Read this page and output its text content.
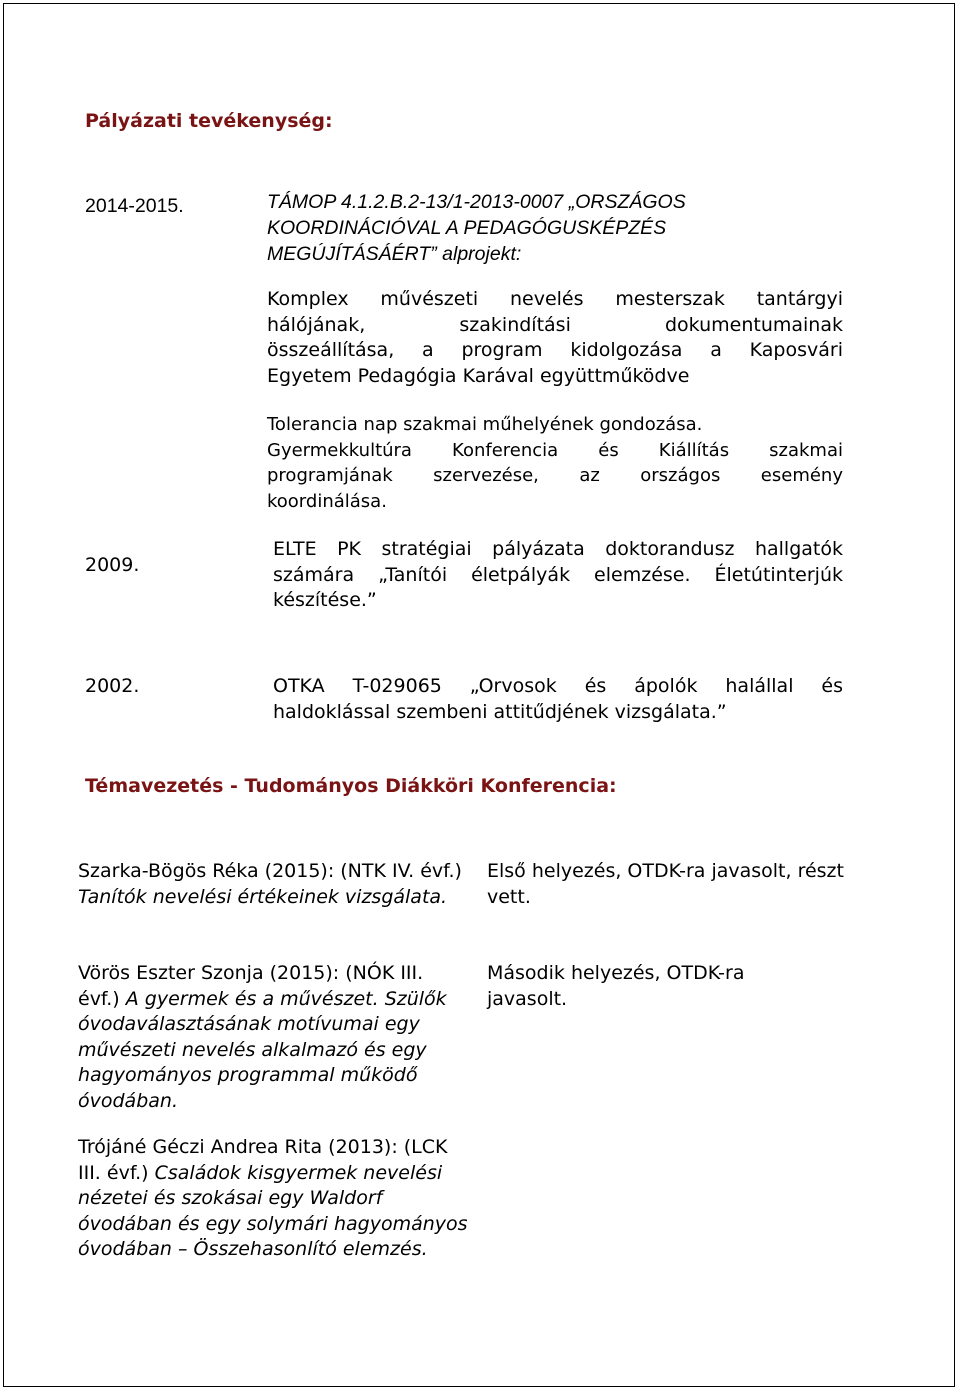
Pályázati tevékenység:
2014-2015.	TÁMOP 4.1.2.B.2-13/1-2013-0007 „ORSZÁGOS KOORDINÁCIÓVAL A PEDAGÓGUSKÉPZÉS MEGÚJÍTÁSÁÉRT” alprojekt:
Komplex művészeti nevelés mesterszak tantárgyi
hálójának, szakindítási dokumentumainak
összeállítása, a program kidolgozása a Kaposvári
Egyetem Pedagógia Karával együttműködve
Tolerancia nap szakmai műhelyének gondozása.
Gyermekkultúra Konferencia és Kiállítás szakmai
programjának szervezése, az országos esemény
koordinálása.
2009.
ELTE PK stratégiai pályázata doktorandusz hallgatók
számára „Tanítói életpályák elemzése. Életútinterjúk
készítése.”
2002.	OTKA T-029065 „Orvosok és ápolók halállal és
haldoklással szembeni attitűdjének vizsgálata.”
Témavezetés - Tudományos Diákköri Konferencia:
Szarka-Bögös Réka (2015): (NTK IV. évf.) Tanítók nevelési értékeinek vizsgálata.
Első helyezés, OTDK-ra javasolt, részt vett.
Vörös Eszter Szonja (2015): (NÓK III. évf.) A gyermek és a művészet. Szülők óvodaválasztásának motívumai egy művészeti nevelés alkalmazó és egy hagyományos programmal működő óvodában.
Második helyezés, OTDK-ra javasolt.
Trójáné Géczi Andrea Rita (2013): (LCK III. évf.) Családok kisgyermek nevelési nézetei és szokásai egy Waldorf óvodában és egy solymári hagyományos óvodában – Összehasonlító elemzés.
